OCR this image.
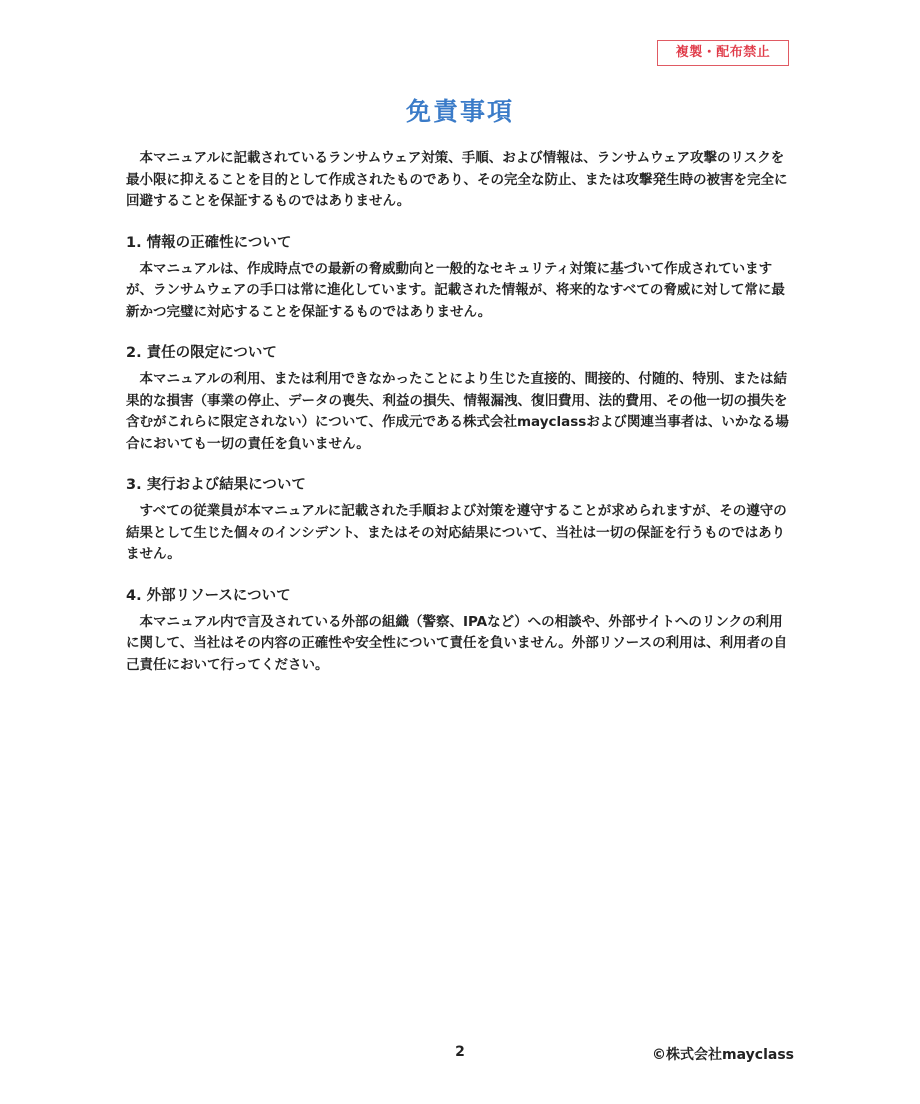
複製・配布禁止
免責事項

本マニュアルに記載されているランサムウェア対策、手順、および情報は、ランサムウェア攻撃のリスクを最小限に抑えることを目的として作成されたものであり、その完全な防止、または攻撃発生時の被害を完全に回避することを保証するものではありません。

1. 情報の正確性について

本マニュアルは、作成時点での最新の脅威動向と一般的なセキュリティ対策に基づいて作成されていますが、ランサムウェアの手口は常に進化しています。記載された情報が、将来的なすべての脅威に対して常に最新かつ完璧に対応することを保証するものではありません。

2. 責任の限定について

本マニュアルの利用、または利用できなかったことにより生じた直接的、間接的、付随的、特別、または結果的な損害（事業の停止、データの喪失、利益の損失、情報漏洩、復旧費用、法的費用、その他一切の損失を含むがこれらに限定されない）について、作成元である株式会社mayclassおよび関連当事者は、いかなる場合においても一切の責任を負いません。

3. 実行および結果について

すべての従業員が本マニュアルに記載された手順および対策を遵守することが求められますが、その遵守の結果として生じた個々のインシデント、またはその対応結果について、当社は一切の保証を行うものではありません。

4. 外部リソースについて

本マニュアル内で言及されている外部の組織（警察、IPAなど）への相談や、外部サイトへのリンクの利用に関して、当社はその内容の正確性や安全性について責任を負いません。外部リソースの利用は、利用者の自己責任において行ってください。

2	©株式会社mayclass
